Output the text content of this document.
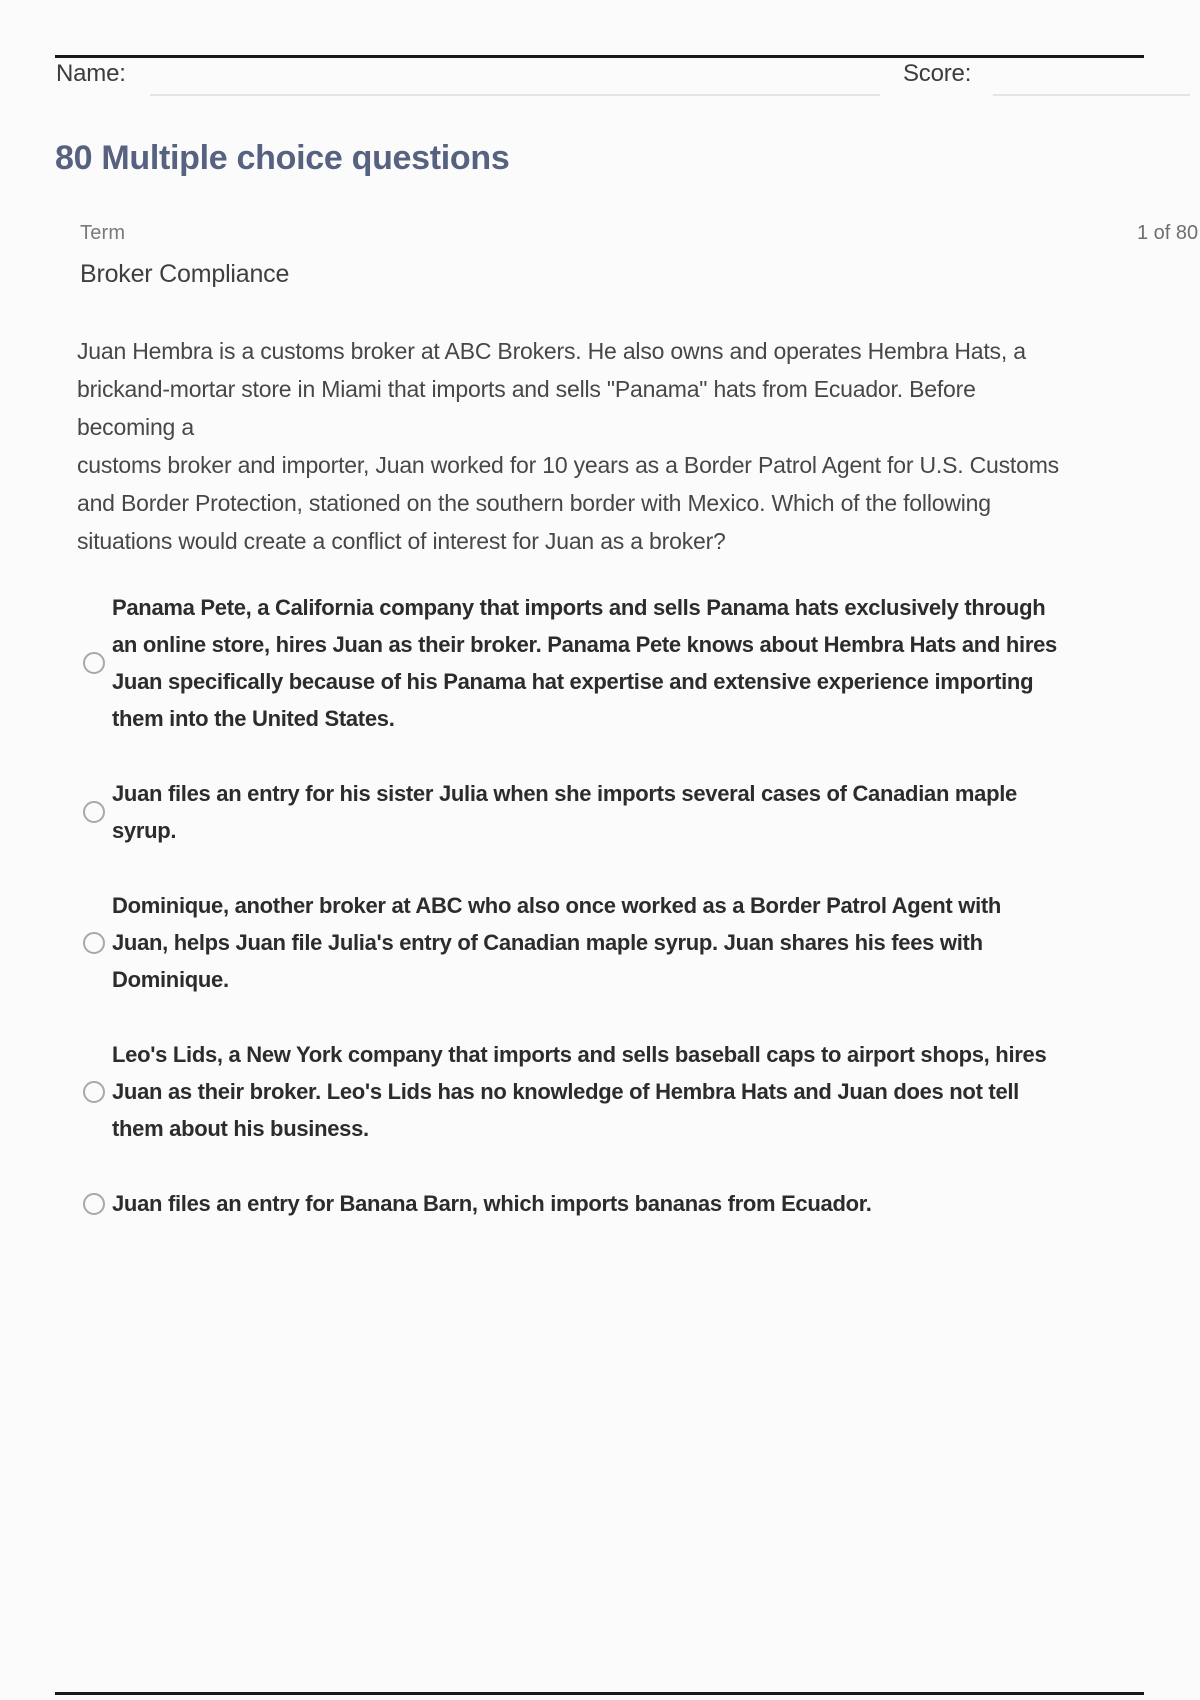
Name:	Score:
80 Multiple choice questions
Term	1 of 80
Broker Compliance
Juan Hembra is a customs broker at ABC Brokers. He also owns and operates Hembra Hats, a
brickand-mortar store in Miami that imports and sells "Panama" hats from Ecuador. Before
becoming a
customs broker and importer, Juan worked for 10 years as a Border Patrol Agent for U.S. Customs
and Border Protection, stationed on the southern border with Mexico. Which of the following
situations would create a conflict of interest for Juan as a broker?
Panama Pete, a California company that imports and sells Panama hats exclusively through
an online store, hires Juan as their broker. Panama Pete knows about Hembra Hats and hires
Juan specifically because of his Panama hat expertise and extensive experience importing
them into the United States.
Juan files an entry for his sister Julia when she imports several cases of Canadian maple
syrup.
Dominique, another broker at ABC who also once worked as a Border Patrol Agent with
Juan, helps Juan file Julia's entry of Canadian maple syrup. Juan shares his fees with
Dominique.
Leo's Lids, a New York company that imports and sells baseball caps to airport shops, hires
Juan as their broker. Leo's Lids has no knowledge of Hembra Hats and Juan does not tell
them about his business.
Juan files an entry for Banana Barn, which imports bananas from Ecuador.
